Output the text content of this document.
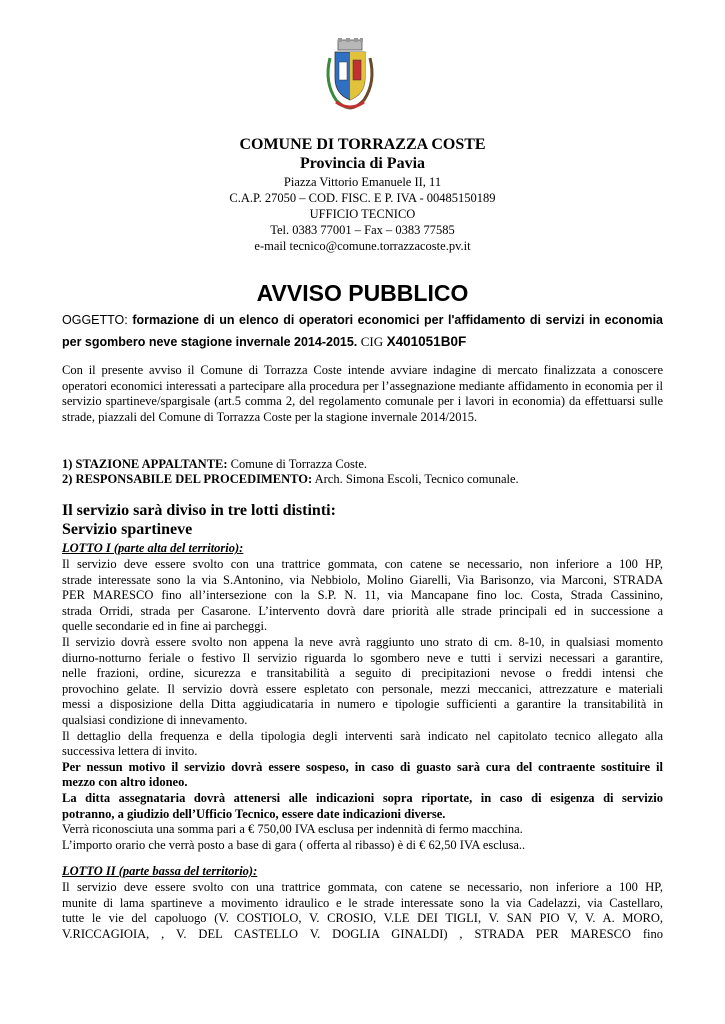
COMUNE DI TORRAZZA COSTE
Provincia di Pavia
Piazza Vittorio Emanuele II, 11
C.A.P. 27050 – COD. FISC. E P. IVA - 00485150189
UFFICIO TECNICO
Tel. 0383 77001 – Fax – 0383 77585
e-mail tecnico@comune.torrazzacoste.pv.it
AVVISO PUBBLICO
OGGETTO: formazione di un elenco di operatori economici per l'affidamento di servizi in economia per sgombero neve stagione invernale 2014-2015. CIG X401051B0F
Con il presente avviso il Comune di Torrazza Coste intende avviare indagine di mercato finalizzata a conoscere operatori economici interessati a partecipare alla procedura per l’assegnazione mediante affidamento in economia per il servizio spartineve/spargisale (art.5 comma 2, del regolamento comunale per i lavori in economia) da effettuarsi sulle strade, piazzali del Comune di Torrazza Coste per la stagione invernale 2014/2015.
1) STAZIONE APPALTANTE: Comune di Torrazza Coste.
2) RESPONSABILE DEL PROCEDIMENTO: Arch. Simona Escoli, Tecnico comunale.
Il servizio sarà diviso in tre lotti distinti:
Servizio spartineve
LOTTO I (parte alta del territorio):
Il servizio deve essere svolto con una trattrice gommata, con catene se necessario, non inferiore a 100 HP,
strade interessate sono la via S.Antonino, via Nebbiolo, Molino Giarelli, Via Barisonzo, via Marconi, STRADA
PER MARESCO fino all’intersezione con la S.P. N. 11, via Mancapane fino loc. Costa, Strada Cassinino,
strada Orridi, strada per Casarone. L’intervento dovrà dare priorità alle strade principali ed in successione a
quelle secondarie ed in fine ai parcheggi.
Il servizio dovrà essere svolto non appena la neve avrà raggiunto uno strato di cm. 8-10, in qualsiasi momento
diurno-notturno feriale o festivo Il servizio riguarda lo sgombero neve e tutti i servizi necessari a garantire,
nelle frazioni, ordine, sicurezza e transitabilità a seguito di precipitazioni nevose o freddi intensi che
provochino gelate. Il servizio dovrà essere espletato con personale, mezzi meccanici, attrezzature e materiali
messi a disposizione della Ditta aggiudicataria in numero e tipologie sufficienti a garantire la transitabilità in
qualsiasi condizione di innevamento.
Il dettaglio della frequenza e della tipologia degli interventi sarà indicato nel capitolato tecnico allegato alla
successiva lettera di invito.
Per nessun motivo il servizio dovrà essere sospeso, in caso di guasto sarà cura del contraente sostituire il
mezzo con altro idoneo.
La ditta assegnataria dovrà attenersi alle indicazioni sopra riportate, in caso di esigenza di servizio
potranno, a giudizio dell’Ufficio Tecnico, essere date indicazioni diverse.
Verrà riconosciuta una somma pari a € 750,00 IVA esclusa per indennità di fermo macchina.
L’importo orario che verrà posto a base di gara ( offerta al ribasso) è di € 62,50 IVA esclusa..
LOTTO II (parte bassa del territorio):
Il servizio deve essere svolto con una trattrice gommata, con catene se necessario, non inferiore a 100 HP,
munite di lama spartineve a movimento idraulico e le strade interessate sono la via Cadelazzi, via Castellaro,
tutte le vie del capoluogo (V. COSTIOLO, V. CROSIO, V.LE DEI TIGLI, V. SAN PIO V, V. A. MORO,
V.RICCAGIOIA, , V. DEL CASTELLO V. DOGLIA GINALDI) , STRADA PER MARESCO fino
